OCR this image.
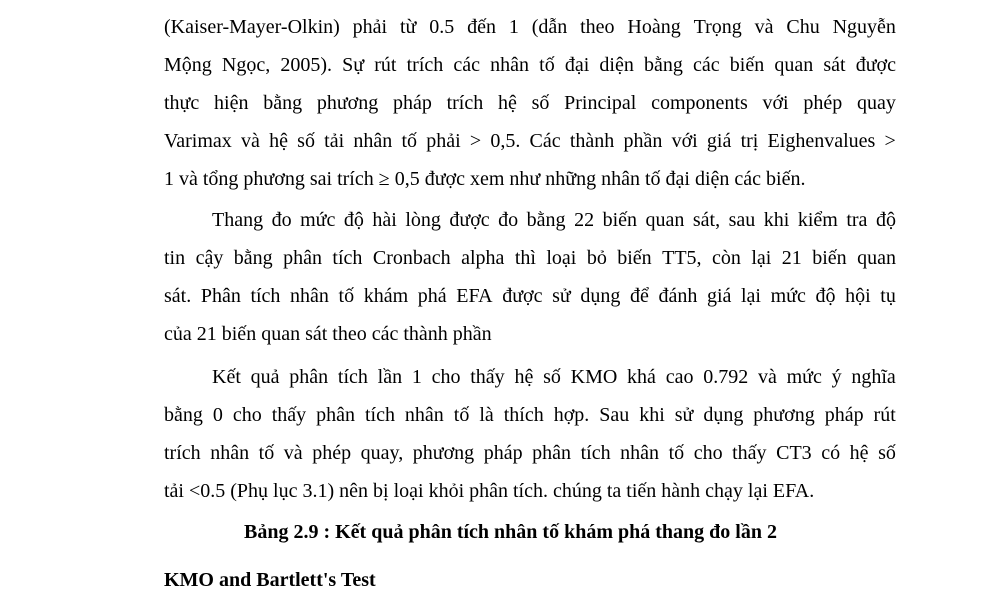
(Kaiser-Mayer-Olkin) phải từ 0.5 đến 1 (dẫn theo Hoàng Trọng và Chu Nguyễn
Mộng Ngọc, 2005). Sự rút trích các nhân tố đại diện bằng các biến quan sát được
thực hiện bằng phương pháp trích hệ số Principal components với phép quay
Varimax và hệ số tải nhân tố phải > 0,5. Các thành phần với giá trị Eighenvalues >
1 và tổng phương sai trích ≥ 0,5 được xem như những nhân tố đại diện các biến.
Thang đo mức độ hài lòng được đo bằng 22 biến quan sát, sau khi kiểm tra độ
tin cậy bằng phân tích Cronbach alpha thì loại bỏ biến TT5, còn lại 21 biến quan
sát. Phân tích nhân tố khám phá EFA được sử dụng để đánh giá lại mức độ hội tụ
của 21 biến quan sát theo các thành phần
Kết quả phân tích lần 1 cho thấy hệ số KMO khá cao 0.792 và mức ý nghĩa
bằng 0 cho thấy phân tích nhân tố là thích hợp. Sau khi sử dụng phương pháp rút
trích nhân tố và phép quay, phương pháp phân tích nhân tố cho thấy CT3 có hệ số
tải <0.5 (Phụ lục 3.1) nên bị loại khỏi phân tích. chúng ta tiến hành chạy lại EFA.
Bảng 2.9 : Kết quả phân tích nhân tố khám phá thang đo lần 2
KMO and Bartlett's Test
